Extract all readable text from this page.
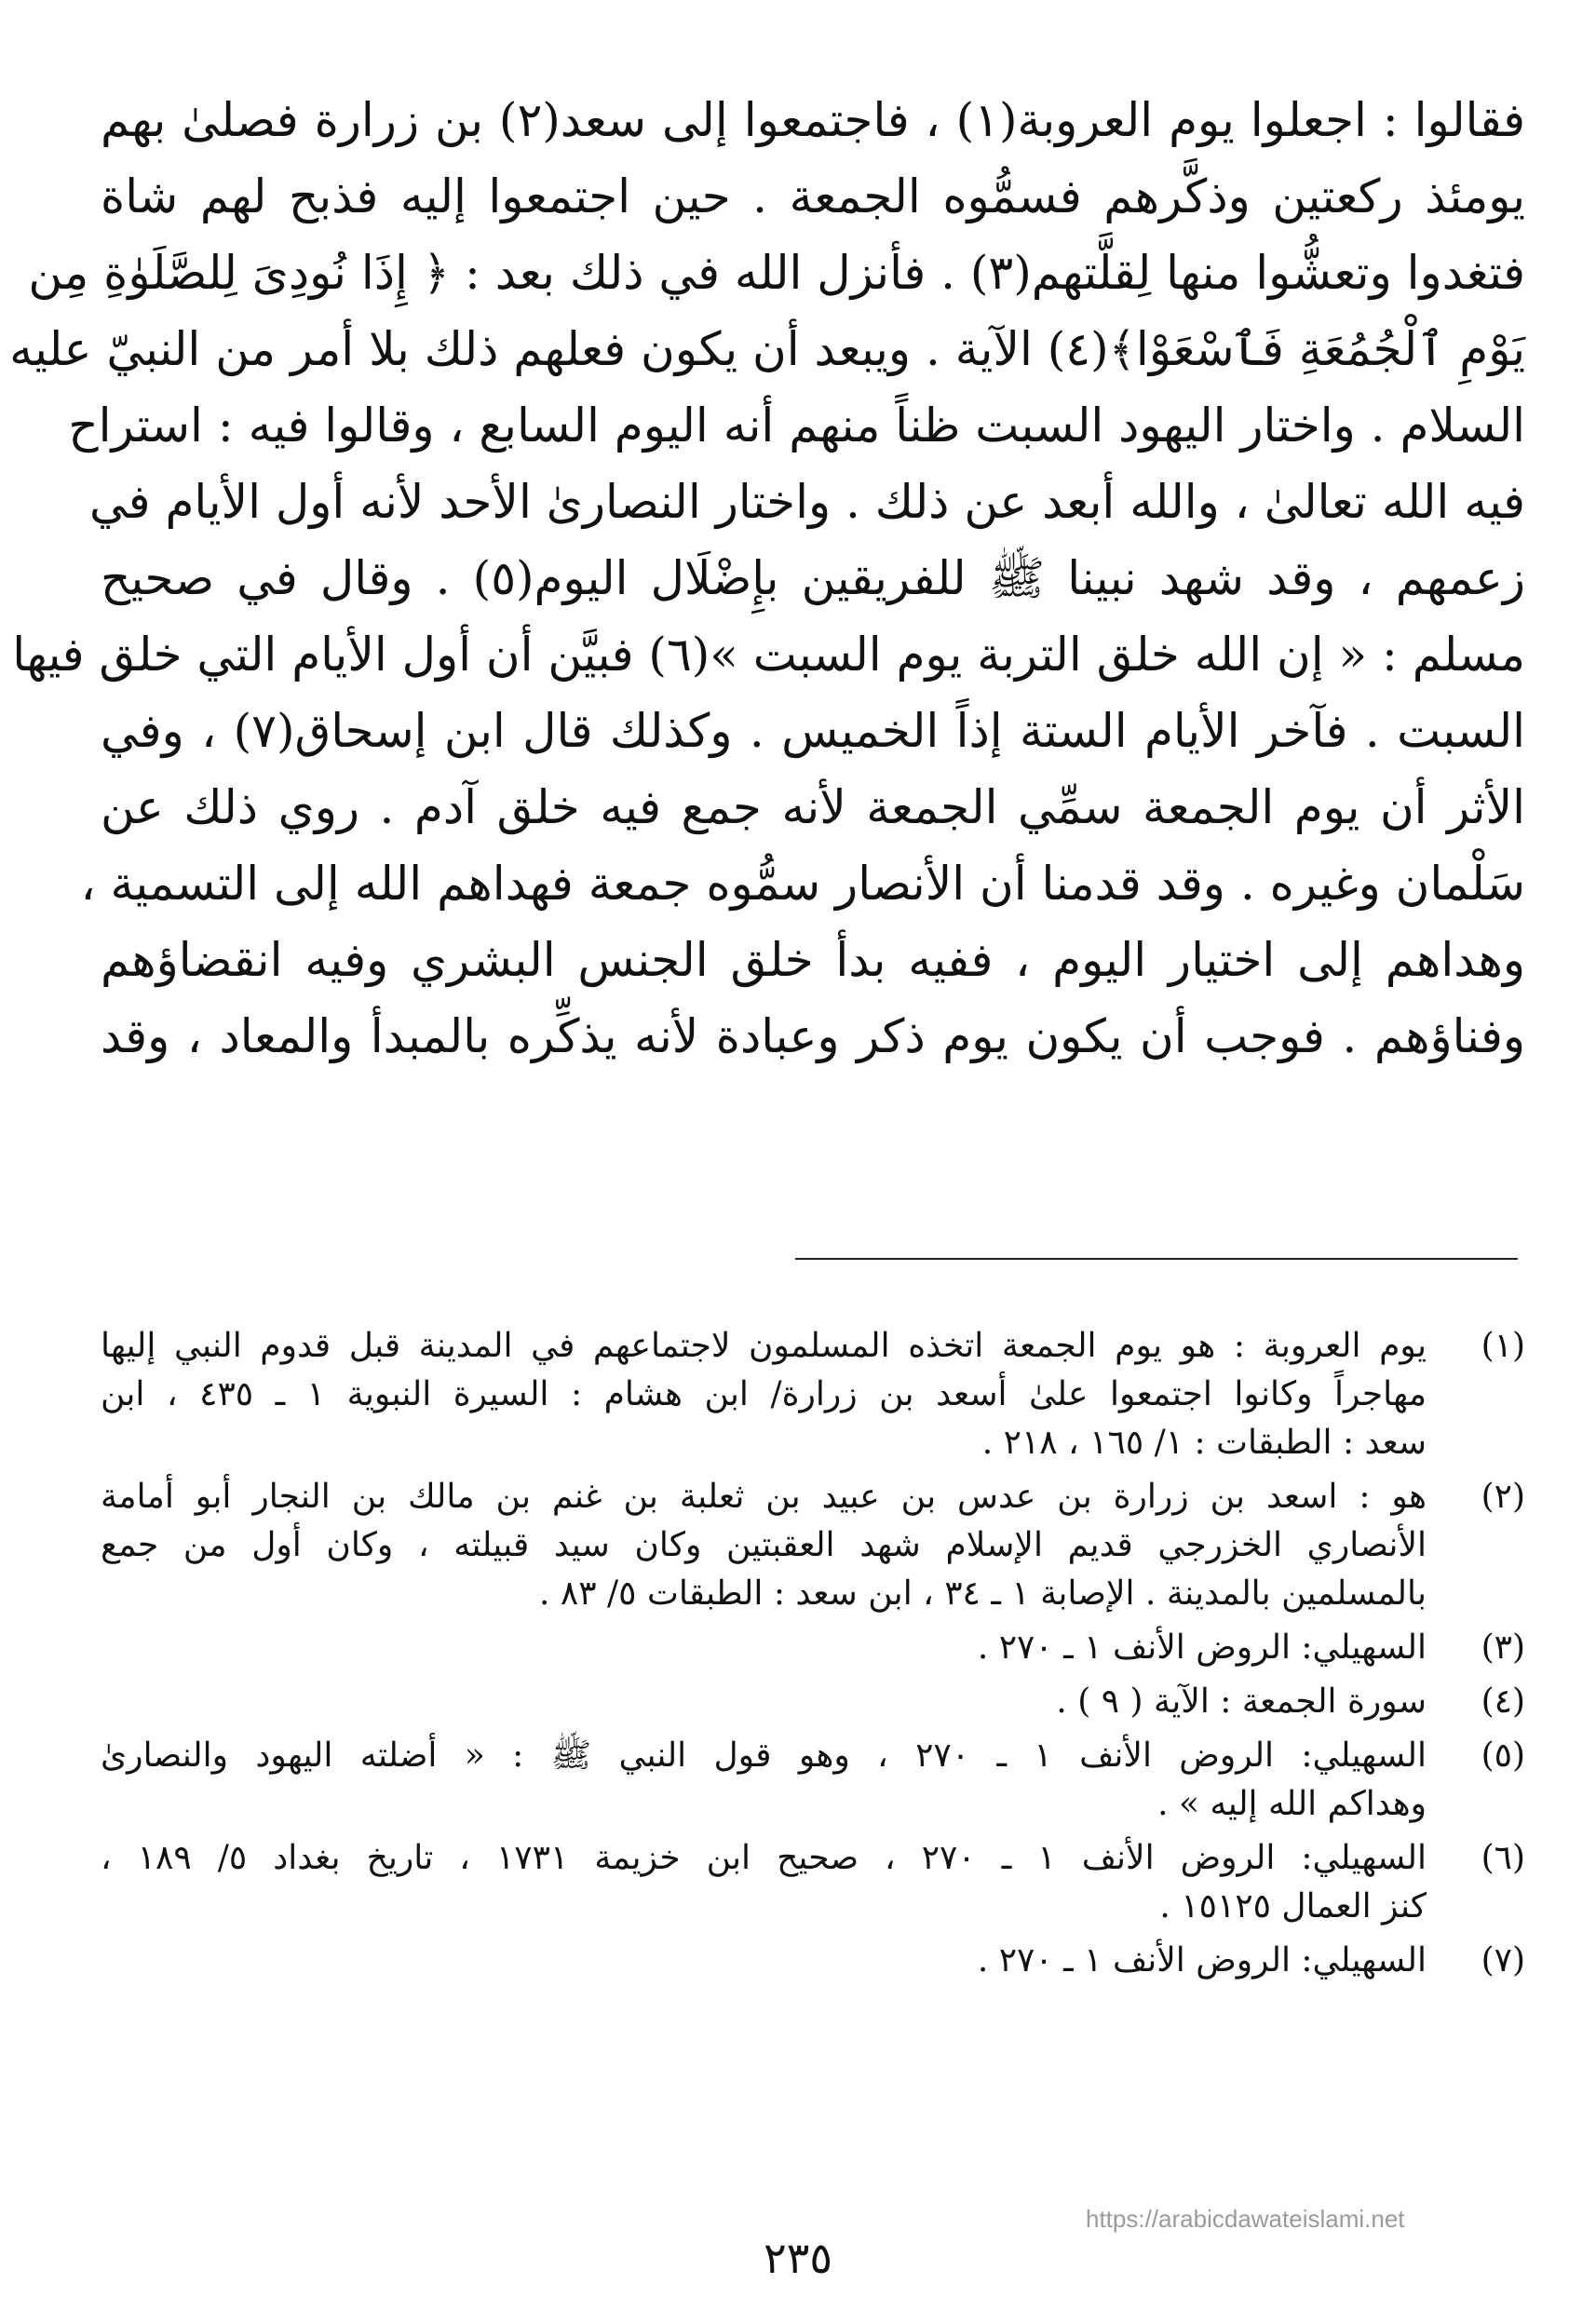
فقالوا : اجعلوا يوم العروبة(١) ، فاجتمعوا إلى سعد(٢) بن زرارة فصلىٰ بهم
يومئذ ركعتين وذكَّرهم فسمُّوه الجمعة . حين اجتمعوا إليه فذبح لهم شاة
فتغدوا وتعشُّوا منها لِقلَّتهم(٣) . فأنزل الله في ذلك بعد : ﴿ إِذَا نُودِىَ لِلصَّلَوٰةِ مِن
يَوْمِ ٱلْجُمُعَةِ فَٱسْعَوْا﴾(٤) الآية . ويبعد أن يكون فعلهم ذلك بلا أمر من النبيّ عليه
السلام . واختار اليهود السبت ظناً منهم أنه اليوم السابع ، وقالوا فيه : استراح
فيه الله تعالىٰ ، والله أبعد عن ذلك . واختار النصارىٰ الأحد لأنه أول الأيام في
زعمهم ، وقد شهد نبينا ﷺ للفريقين بإِضْلَال اليوم(٥) . وقال في صحيح
مسلم : « إن الله خلق التربة يوم السبت »(٦) فبيَّن أن أول الأيام التي خلق فيها
السبت . فآخر الأيام الستة إذاً الخميس . وكذلك قال ابن إسحاق(٧) ، وفي
الأثر أن يوم الجمعة سمِّي الجمعة لأنه جمع فيه خلق آدم . روي ذلك عن
سَلْمان وغيره . وقد قدمنا أن الأنصار سمُّوه جمعة فهداهم الله إلى التسمية ،
وهداهم إلى اختيار اليوم ، ففيه بدأ خلق الجنس البشري وفيه انقضاؤهم
وفناؤهم . فوجب أن يكون يوم ذكر وعبادة لأنه يذكِّره بالمبدأ والمعاد ، وقد
(١)
يوم العروبة : هو يوم الجمعة اتخذه المسلمون لاجتماعهم في المدينة قبل قدوم النبي إليها
مهاجراً وكانوا اجتمعوا علىٰ أسعد بن زرارة/ ابن هشام : السيرة النبوية ١ ـ ٤٣٥ ، ابن
سعد : الطبقات : ١/ ١٦٥ ، ٢١٨ .
(٢)
هو : اسعد بن زرارة بن عدس بن عبيد بن ثعلبة بن غنم بن مالك بن النجار أبو أمامة
الأنصاري الخزرجي قديم الإسلام شهد العقبتين وكان سيد قبيلته ، وكان أول من جمع
بالمسلمين بالمدينة . الإصابة ١ ـ ٣٤ ، ابن سعد : الطبقات ٥/ ٨٣ .
(٣)
السهيلي: الروض الأنف ١ ـ ٢٧٠ .
(٤)
سورة الجمعة : الآية ( ٩ ) .
(٥)
السهيلي: الروض الأنف ١ ـ ٢٧٠ ، وهو قول النبي ﷺ : « أضلته اليهود والنصارىٰ
وهداكم الله إليه » .
(٦)
السهيلي: الروض الأنف ١ ـ ٢٧٠ ، صحيح ابن خزيمة ١٧٣١ ، تاريخ بغداد ٥/ ١٨٩ ،
كنز العمال ١٥١٢٥ .
(٧)
السهيلي: الروض الأنف ١ ـ ٢٧٠ .
https://arabicdawateislami.net
٢٣٥
